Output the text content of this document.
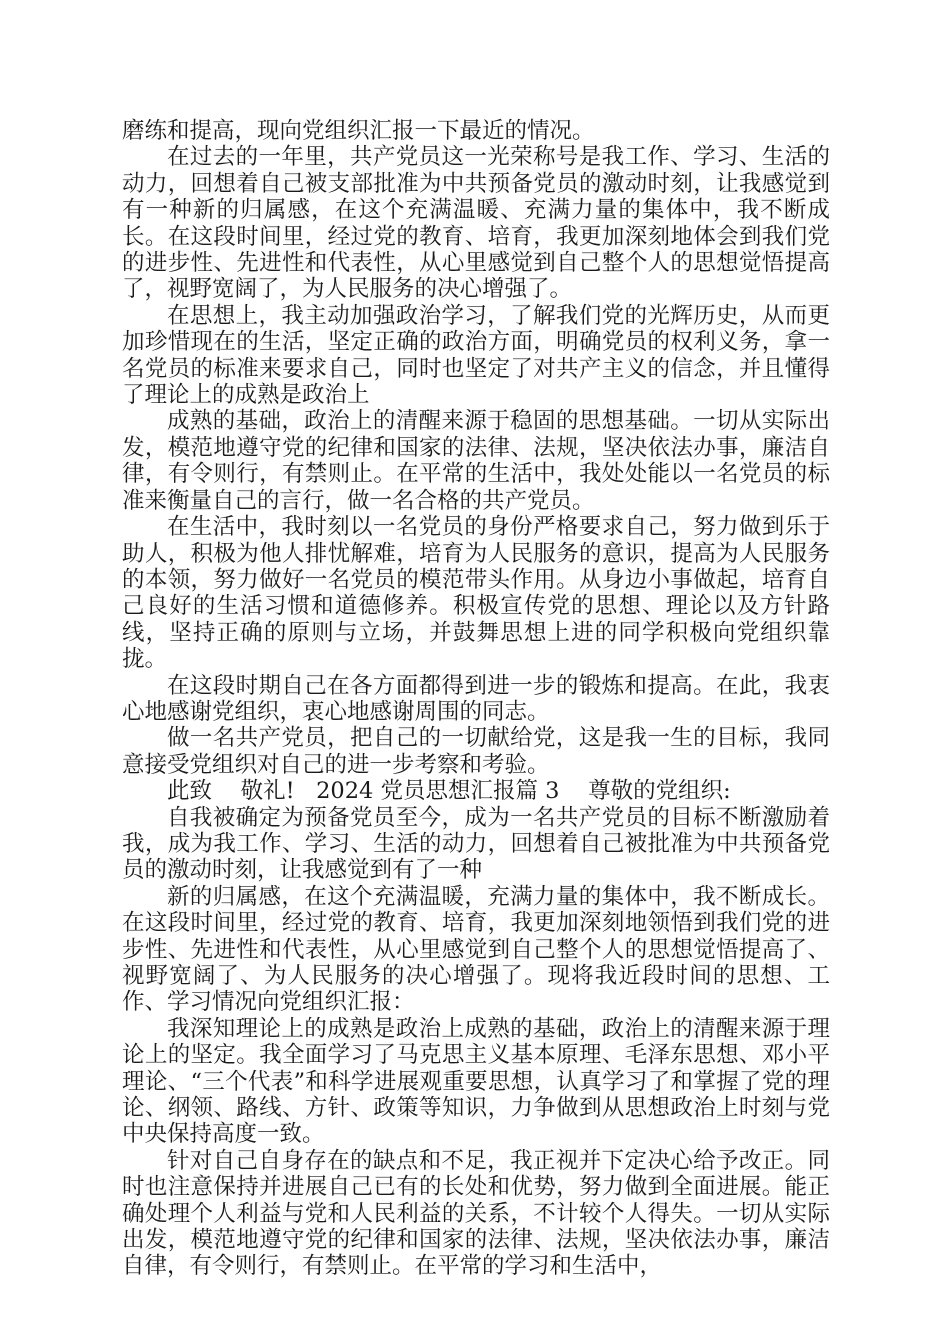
磨练和提高，现向党组织汇报一下最近的情况。

在过去的一年里，共产党员这一光荣称号是我工作、学习、生活的动力，回想着自己被支部批准为中共预备党员的激动时刻，让我感觉到有一种新的归属感，在这个充满温暖、充满力量的集体中，我不断成长。在这段时间里，经过党的教育、培育，我更加深刻地体会到我们党的进步性、先进性和代表性，从心里感觉到自己整个人的思想觉悟提高了，视野宽阔了，为人民服务的决心增强了。

在思想上，我主动加强政治学习，了解我们党的光辉历史，从而更加珍惜现在的生活，坚定正确的政治方面，明确党员的权利义务，拿一名党员的标准来要求自己，同时也坚定了对共产主义的信念，并且懂得了理论上的成熟是政治上

成熟的基础，政治上的清醒来源于稳固的思想基础。一切从实际出发，模范地遵守党的纪律和国家的法律、法规，坚决依法办事，廉洁自律，有令则行，有禁则止。在平常的生活中，我处处能以一名党员的标准来衡量自己的言行，做一名合格的共产党员。

在生活中，我时刻以一名党员的身份严格要求自己，努力做到乐于助人，积极为他人排忧解难，培育为人民服务的意识，提高为人民服务的本领，努力做好一名党员的模范带头作用。从身边小事做起，培育自己良好的生活习惯和道德修养。积极宣传党的思想、理论以及方针路线，坚持正确的原则与立场，并鼓舞思想上进的同学积极向党组织靠拢。

在这段时期自己在各方面都得到进一步的锻炼和提高。在此，我衷心地感谢党组织，衷心地感谢周围的同志。

做一名共产党员，把自己的一切献给党，这是我一生的目标，我同意接受党组织对自己的进一步考察和考验。

此致    敬礼!   2024 党员思想汇报篇 3    尊敬的党组织:

自我被确定为预备党员至今，成为一名共产党员的目标不断激励着我，成为我工作、学习、生活的动力，回想着自己被批准为中共预备党员的激动时刻，让我感觉到有了一种

新的归属感，在这个充满温暖，充满力量的集体中，我不断成长。在这段时间里，经过党的教育、培育，我更加深刻地领悟到我们党的进步性、先进性和代表性，从心里感觉到自己整个人的思想觉悟提高了、视野宽阔了、为人民服务的决心增强了。现将我近段时间的思想、工作、学习情况向党组织汇报：

我深知理论上的成熟是政治上成熟的基础，政治上的清醒来源于理论上的坚定。我全面学习了马克思主义基本原理、毛泽东思想、邓小平理论、“三个代表”和科学进展观重要思想，认真学习了和掌握了党的理论、纲领、路线、方针、政策等知识，力争做到从思想政治上时刻与党中央保持高度一致。

针对自己自身存在的缺点和不足，我正视并下定决心给予改正。同时也注意保持并进展自己已有的长处和优势，努力做到全面进展。能正确处理个人利益与党和人民利益的关系，不计较个人得失。一切从实际出发，模范地遵守党的纪律和国家的法律、法规，坚决依法办事，廉洁自律，有令则行，有禁则止。在平常的学习和生活中，
